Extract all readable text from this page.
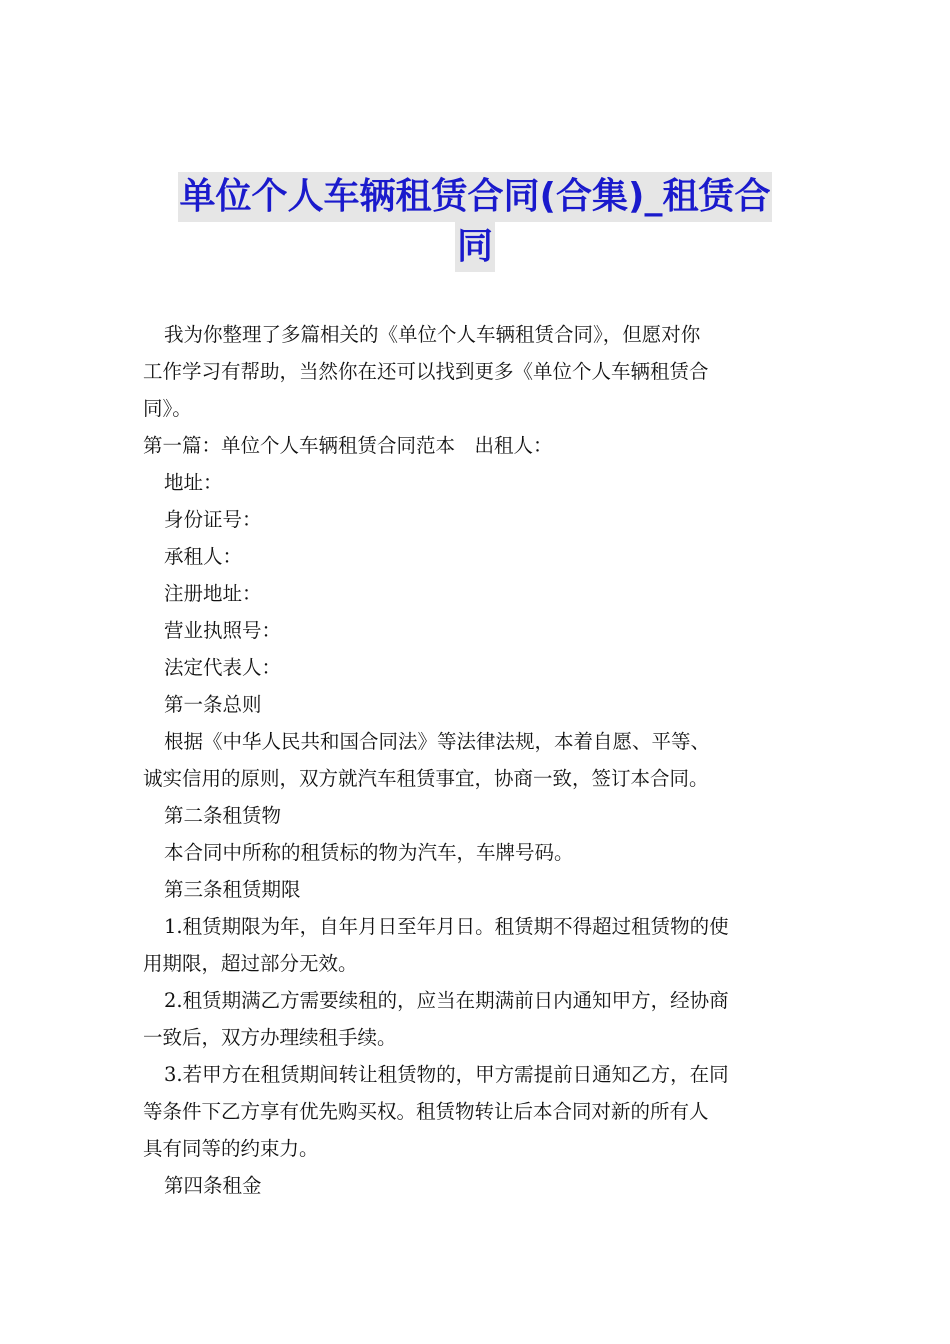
单位个人车辆租赁合同(合集)_租赁合
同

我为你整理了多篇相关的《单位个人车辆租赁合同》，但愿对你

工作学习有帮助，当然你在还可以找到更多《单位个人车辆租赁合

同》。

第一篇：单位个人车辆租赁合同范本　出租人：

地址：

身份证号：

承租人：

注册地址：

营业执照号：

法定代表人：

第一条总则

根据《中华人民共和国合同法》等法律法规，本着自愿、平等、

诚实信用的原则，双方就汽车租赁事宜，协商一致，签订本合同。

第二条租赁物

本合同中所称的租赁标的物为汽车，车牌号码。

第三条租赁期限

1.租赁期限为年，自年月日至年月日。租赁期不得超过租赁物的使

用期限，超过部分无效。

2.租赁期满乙方需要续租的，应当在期满前日内通知甲方，经协商

一致后，双方办理续租手续。

3.若甲方在租赁期间转让租赁物的，甲方需提前日通知乙方，在同

等条件下乙方享有优先购买权。租赁物转让后本合同对新的所有人

具有同等的约束力。

第四条租金
